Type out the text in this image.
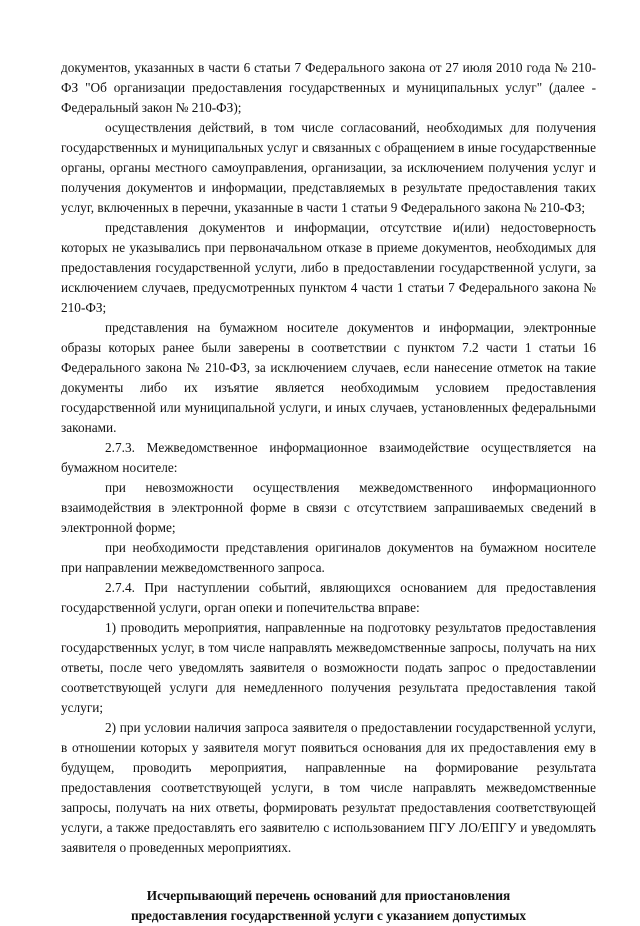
документов, указанных в части 6 статьи 7 Федерального закона от 27 июля 2010 года № 210-ФЗ "Об организации предоставления государственных и муниципальных услуг" (далее - Федеральный закон № 210-ФЗ);

осуществления действий, в том числе согласований, необходимых для получения государственных и муниципальных услуг и связанных с обращением в иные государственные органы, органы местного самоуправления, организации, за исключением получения услуг и получения документов и информации, представляемых в результате предоставления таких услуг, включенных в перечни, указанные в части 1 статьи 9 Федерального закона № 210-ФЗ;

представления документов и информации, отсутствие и(или) недостоверность которых не указывались при первоначальном отказе в приеме документов, необходимых для предоставления государственной услуги, либо в предоставлении государственной услуги, за исключением случаев, предусмотренных пунктом 4 части 1 статьи 7 Федерального закона № 210-ФЗ;

представления на бумажном носителе документов и информации, электронные образы которых ранее были заверены в соответствии с пунктом 7.2 части 1 статьи 16 Федерального закона № 210-ФЗ, за исключением случаев, если нанесение отметок на такие документы либо их изъятие является необходимым условием предоставления государственной или муниципальной услуги, и иных случаев, установленных федеральными законами.

2.7.3. Межведомственное информационное взаимодействие осуществляется на бумажном носителе:

при невозможности осуществления межведомственного информационного взаимодействия в электронной форме в связи с отсутствием запрашиваемых сведений в электронной форме;

при необходимости представления оригиналов документов на бумажном носителе при направлении межведомственного запроса.

2.7.4. При наступлении событий, являющихся основанием для предоставления государственной услуги, орган опеки и попечительства вправе:

1) проводить мероприятия, направленные на подготовку результатов предоставления государственных услуг, в том числе направлять межведомственные запросы, получать на них ответы, после чего уведомлять заявителя о возможности подать запрос о предоставлении соответствующей услуги для немедленного получения результата предоставления такой услуги;

2) при условии наличия запроса заявителя о предоставлении государственной услуги, в отношении которых у заявителя могут появиться основания для их предоставления ему в будущем, проводить мероприятия, направленные на формирование результата предоставления соответствующей услуги, в том числе направлять межведомственные запросы, получать на них ответы, формировать результат предоставления соответствующей услуги, а также предоставлять его заявителю с использованием ПГУ ЛО/ЕПГУ и уведомлять заявителя о проведенных мероприятиях.

Исчерпывающий перечень оснований для приостановления
предоставления государственной услуги с указанием допустимых
